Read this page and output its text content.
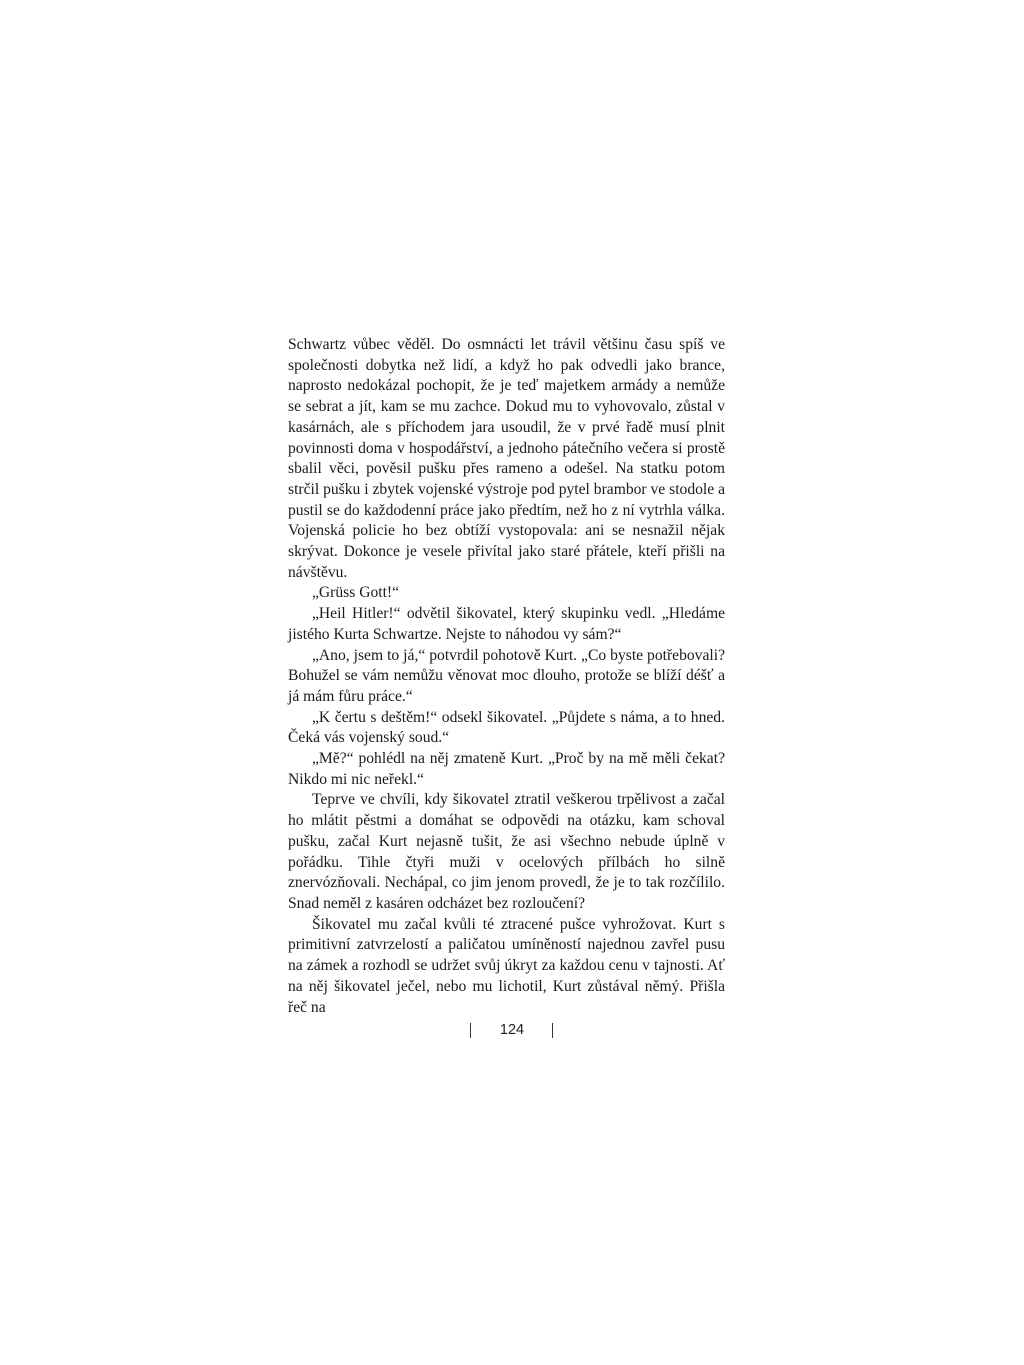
Schwartz vůbec věděl. Do osmnácti let trávil většinu času spíš ve společnosti dobytka než lidí, a když ho pak odvedli jako brance, naprosto nedokázal pochopit, že je teď majetkem armády a nemůže se sebrat a jít, kam se mu zachce. Dokud mu to vyhovovalo, zůstal v kasárnách, ale s příchodem jara usoudil, že v prvé řadě musí plnit povinnosti doma v hospodářství, a jednoho pátečního večera si prostě sbalil věci, pověsil pušku přes rameno a odešel. Na statku potom strčil pušku i zbytek vojenské výstroje pod pytel brambor ve stodole a pustil se do každodenní práce jako předtím, než ho z ní vytrhla válka. Vojenská policie ho bez obtíží vystopovala: ani se nesnažil nějak skrývat. Dokonce je vesele přivítal jako staré přátele, kteří přišli na návštěvu.

„Grüss Gott!“

„Heil Hitler!“ odvětil šikovatel, který skupinku vedl. „Hledáme jistého Kurta Schwartze. Nejste to náhodou vy sám?“

„Ano, jsem to já,“ potvrdil pohotově Kurt. „Co byste potřebovali? Bohužel se vám nemůžu věnovat moc dlouho, protože se blíží déšť a já mám fůru práce.“

„K čertu s deštěm!“ odsekl šikovatel. „Půjdete s náma, a to hned. Čeká vás vojenský soud.“

„Mě?“ pohlédl na něj zmateně Kurt. „Proč by na mě měli čekat? Nikdo mi nic neřekl.“

Teprve ve chvíli, kdy šikovatel ztratil veškerou trpělivost a začal ho mlátit pěstmi a domáhat se odpovědi na otázku, kam schoval pušku, začal Kurt nejasně tušit, že asi všechno nebude úplně v pořádku. Tihle čtyři muži v ocelových přílbách ho silně znervózňovali. Nechápal, co jim jenom provedl, že je to tak rozčílilo. Snad neměl z kasáren odcházet bez rozloučení?

Šikovatel mu začal kvůli té ztracené pušce vyhrožovat. Kurt s primitivní zatvrzelostí a paličatou umíněností najednou zavřel pusu na zámek a rozhodl se udržet svůj úkryt za každou cenu v tajnosti. Ať na něj šikovatel ječel, nebo mu lichotil, Kurt zůstával němý. Přišla řeč na

124
